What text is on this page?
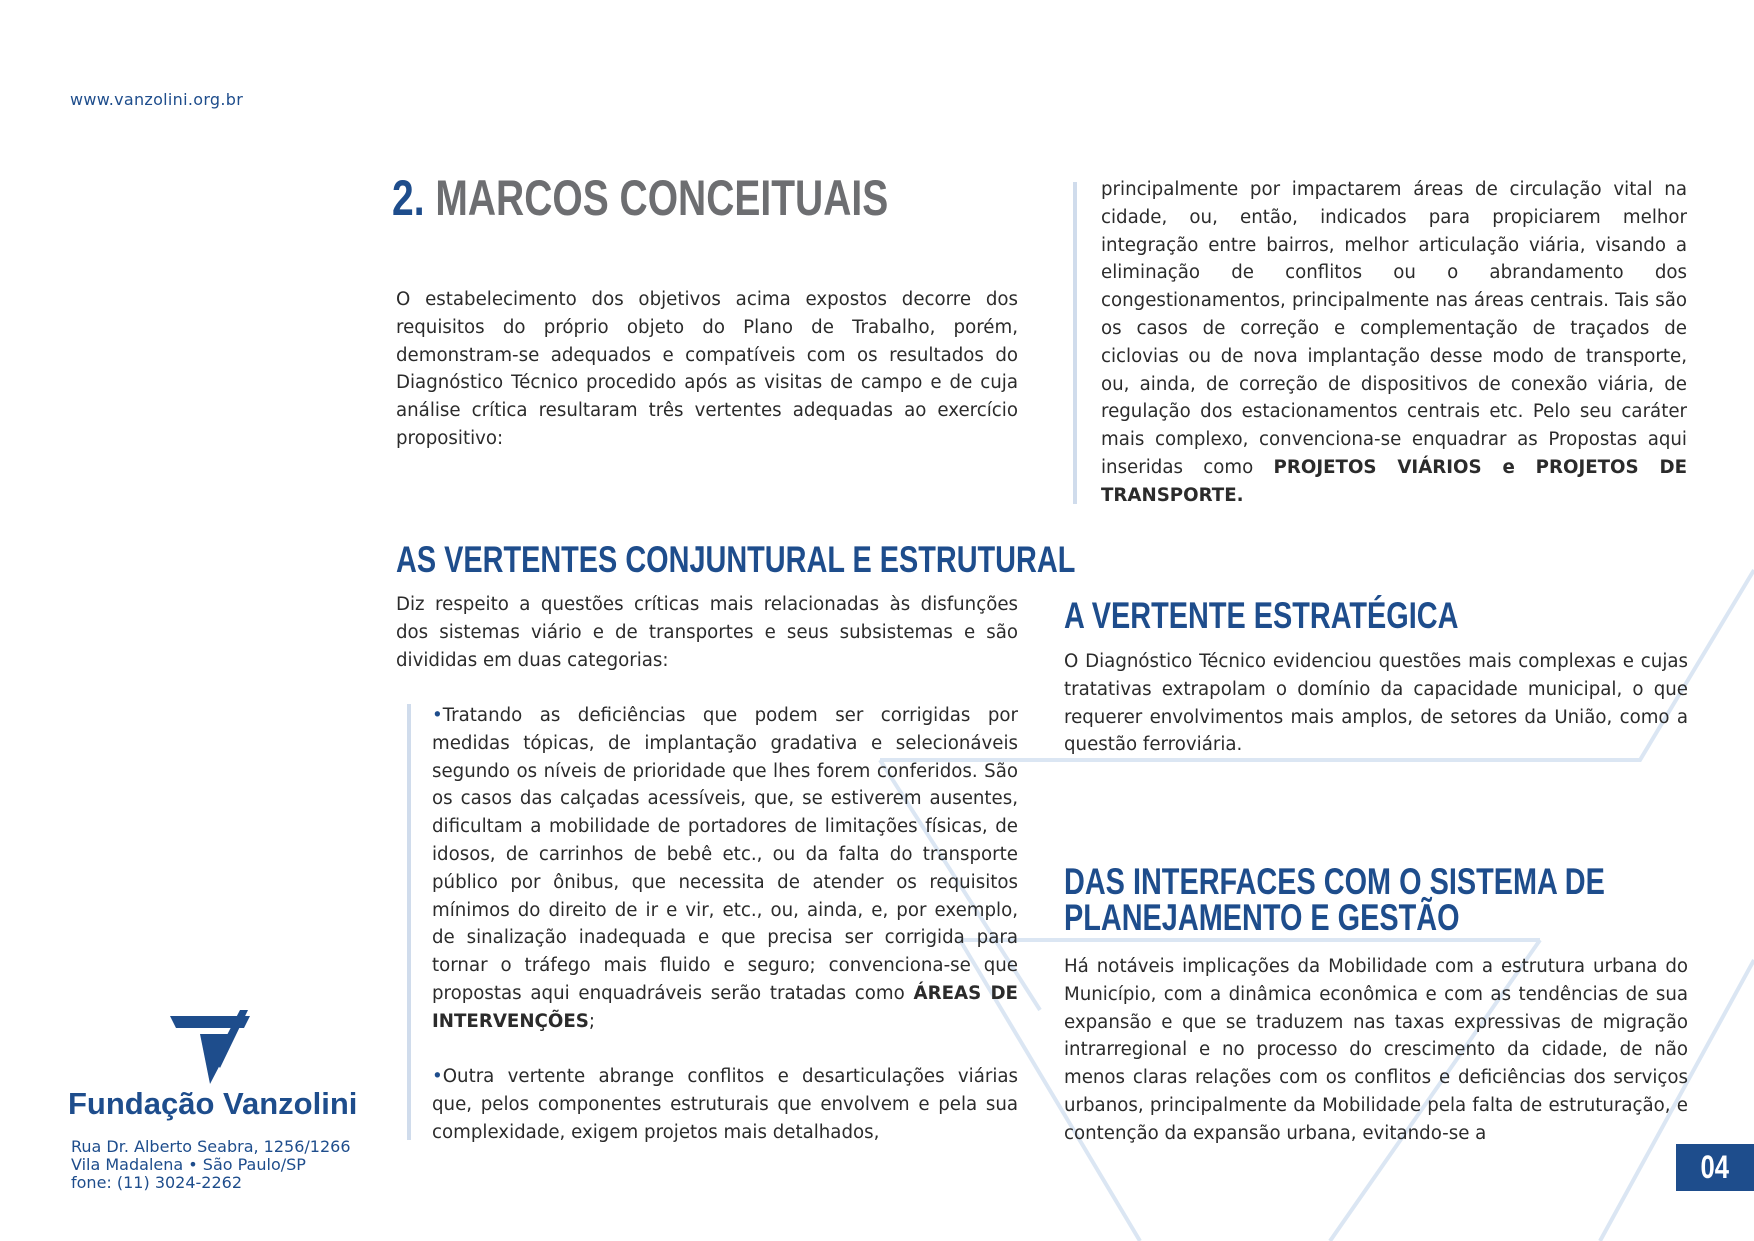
www.vanzolini.org.br
2. MARCOS CONCEITUAIS

O estabelecimento dos objetivos acima expostos decorre dos requisitos do próprio objeto do Plano de Trabalho, porém, demonstram-se adequados e compatíveis com os resultados do Diagnóstico Técnico procedido após as visitas de campo e de cuja análise crítica resultaram três vertentes adequadas ao exercício propositivo:

AS VERTENTES CONJUNTURAL E ESTRUTURAL

Diz respeito a questões críticas mais relacionadas às disfunções dos sistemas viário e de transportes e seus subsistemas e são divididas em duas categorias:

•Tratando as deficiências que podem ser corrigidas por medidas tópicas, de implantação gradativa e selecionáveis segundo os níveis de prioridade que lhes forem conferidos. São os casos das calçadas acessíveis, que, se estiverem ausentes, dificultam a mobilidade de portadores de limitações físicas, de idosos, de carrinhos de bebê etc., ou da falta do transporte público por ônibus, que necessita de atender os requisitos mínimos do direito de ir e vir, etc., ou, ainda, e, por exemplo, de sinalização inadequada e que precisa ser corrigida para tornar o tráfego mais fluido e seguro; convenciona-se que propostas aqui enquadráveis serão tratadas como ÁREAS DE INTERVENÇÕES;

•Outra vertente abrange conflitos e desarticulações viárias que, pelos componentes estruturais que envolvem e pela sua complexidade, exigem projetos mais detalhados,

principalmente por impactarem áreas de circulação vital na cidade, ou, então, indicados para propiciarem melhor integração entre bairros, melhor articulação viária, visando a eliminação de conflitos ou o abrandamento dos congestionamentos, principalmente nas áreas centrais. Tais são os casos de correção e complementação de traçados de ciclovias ou de nova implantação desse modo de transporte, ou, ainda, de correção de dispositivos de conexão viária, de regulação dos estacionamentos centrais etc. Pelo seu caráter mais complexo, convenciona-se enquadrar as Propostas aqui inseridas como PROJETOS VIÁRIOS e PROJETOS DE TRANSPORTE.

A VERTENTE ESTRATÉGICA

O Diagnóstico Técnico evidenciou questões mais complexas e cujas tratativas extrapolam o domínio da capacidade municipal, o que requerer envolvimentos mais amplos, de setores da União, como a questão ferroviária.

DAS INTERFACES COM O SISTEMA DE
PLANEJAMENTO E GESTÃO

Há notáveis implicações da Mobilidade com a estrutura urbana do Município, com a dinâmica econômica e com as tendências de sua expansão e que se traduzem nas taxas expressivas de migração intrarregional e no processo do crescimento da cidade, de não menos claras relações com os conflitos e deficiências dos serviços urbanos, principalmente da Mobilidade pela falta de estruturação, e contenção da expansão urbana, evitando-se a

Fundação Vanzolini
Rua Dr. Alberto Seabra, 1256/1266
Vila Madalena • São Paulo/SP
fone: (11) 3024-2262	04
